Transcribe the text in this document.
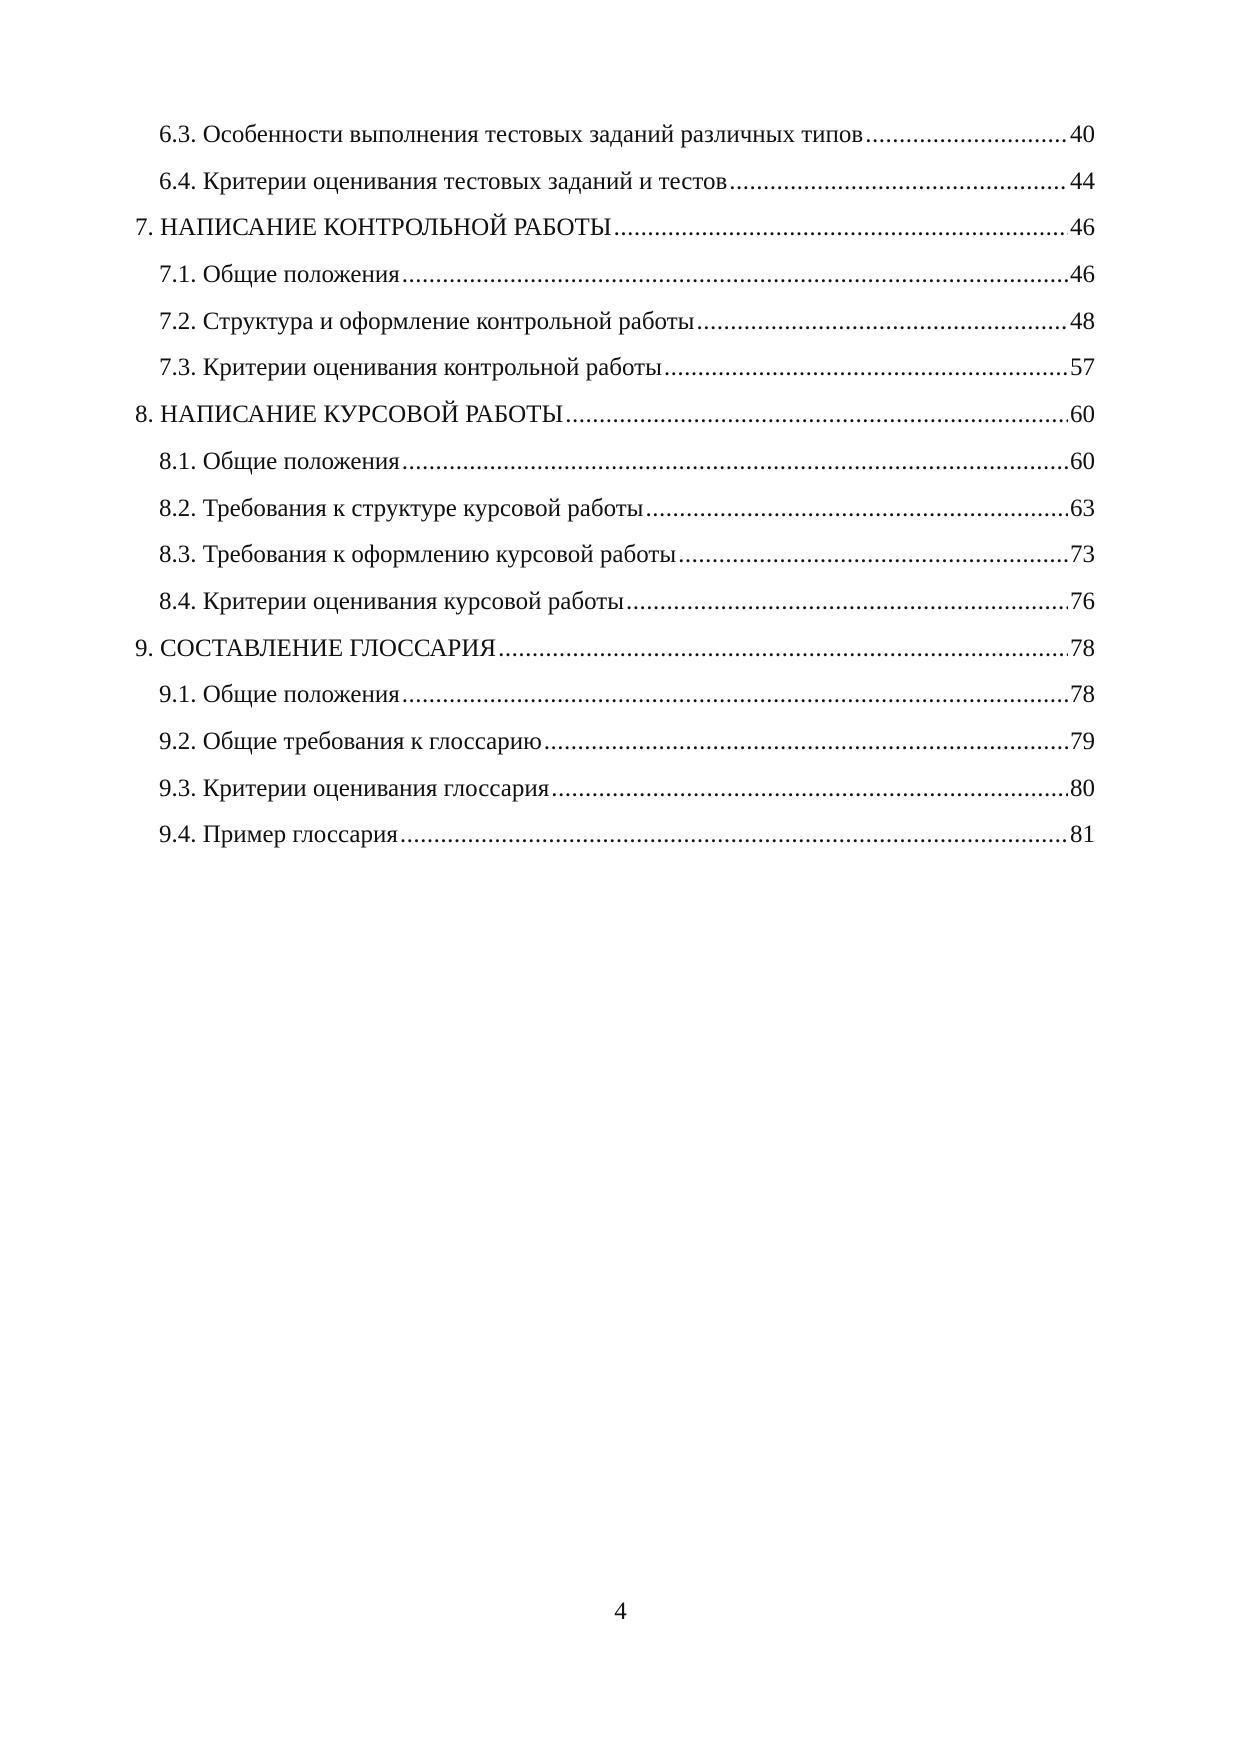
6.3. Особенности выполнения тестовых заданий различных типов .....	40
6.4. Критерии оценивания тестовых заданий и тестов .....	44
7. НАПИСАНИЕ КОНТРОЛЬНОЙ РАБОТЫ .....	46
7.1. Общие положения .....	46
7.2. Структура и оформление контрольной работы .....	48
7.3. Критерии оценивания контрольной работы .....	57
8. НАПИСАНИЕ КУРСОВОЙ РАБОТЫ .....	60
8.1. Общие положения .....	60
8.2. Требования к структуре курсовой работы .....	63
8.3. Требования к оформлению курсовой работы .....	73
8.4. Критерии оценивания курсовой работы .....	76
9. СОСТАВЛЕНИЕ ГЛОССАРИЯ .....	78
9.1. Общие положения .....	78
9.2. Общие требования к глоссарию .....	79
9.3. Критерии оценивания глоссария .....	80
9.4. Пример глоссария .....	81
4
